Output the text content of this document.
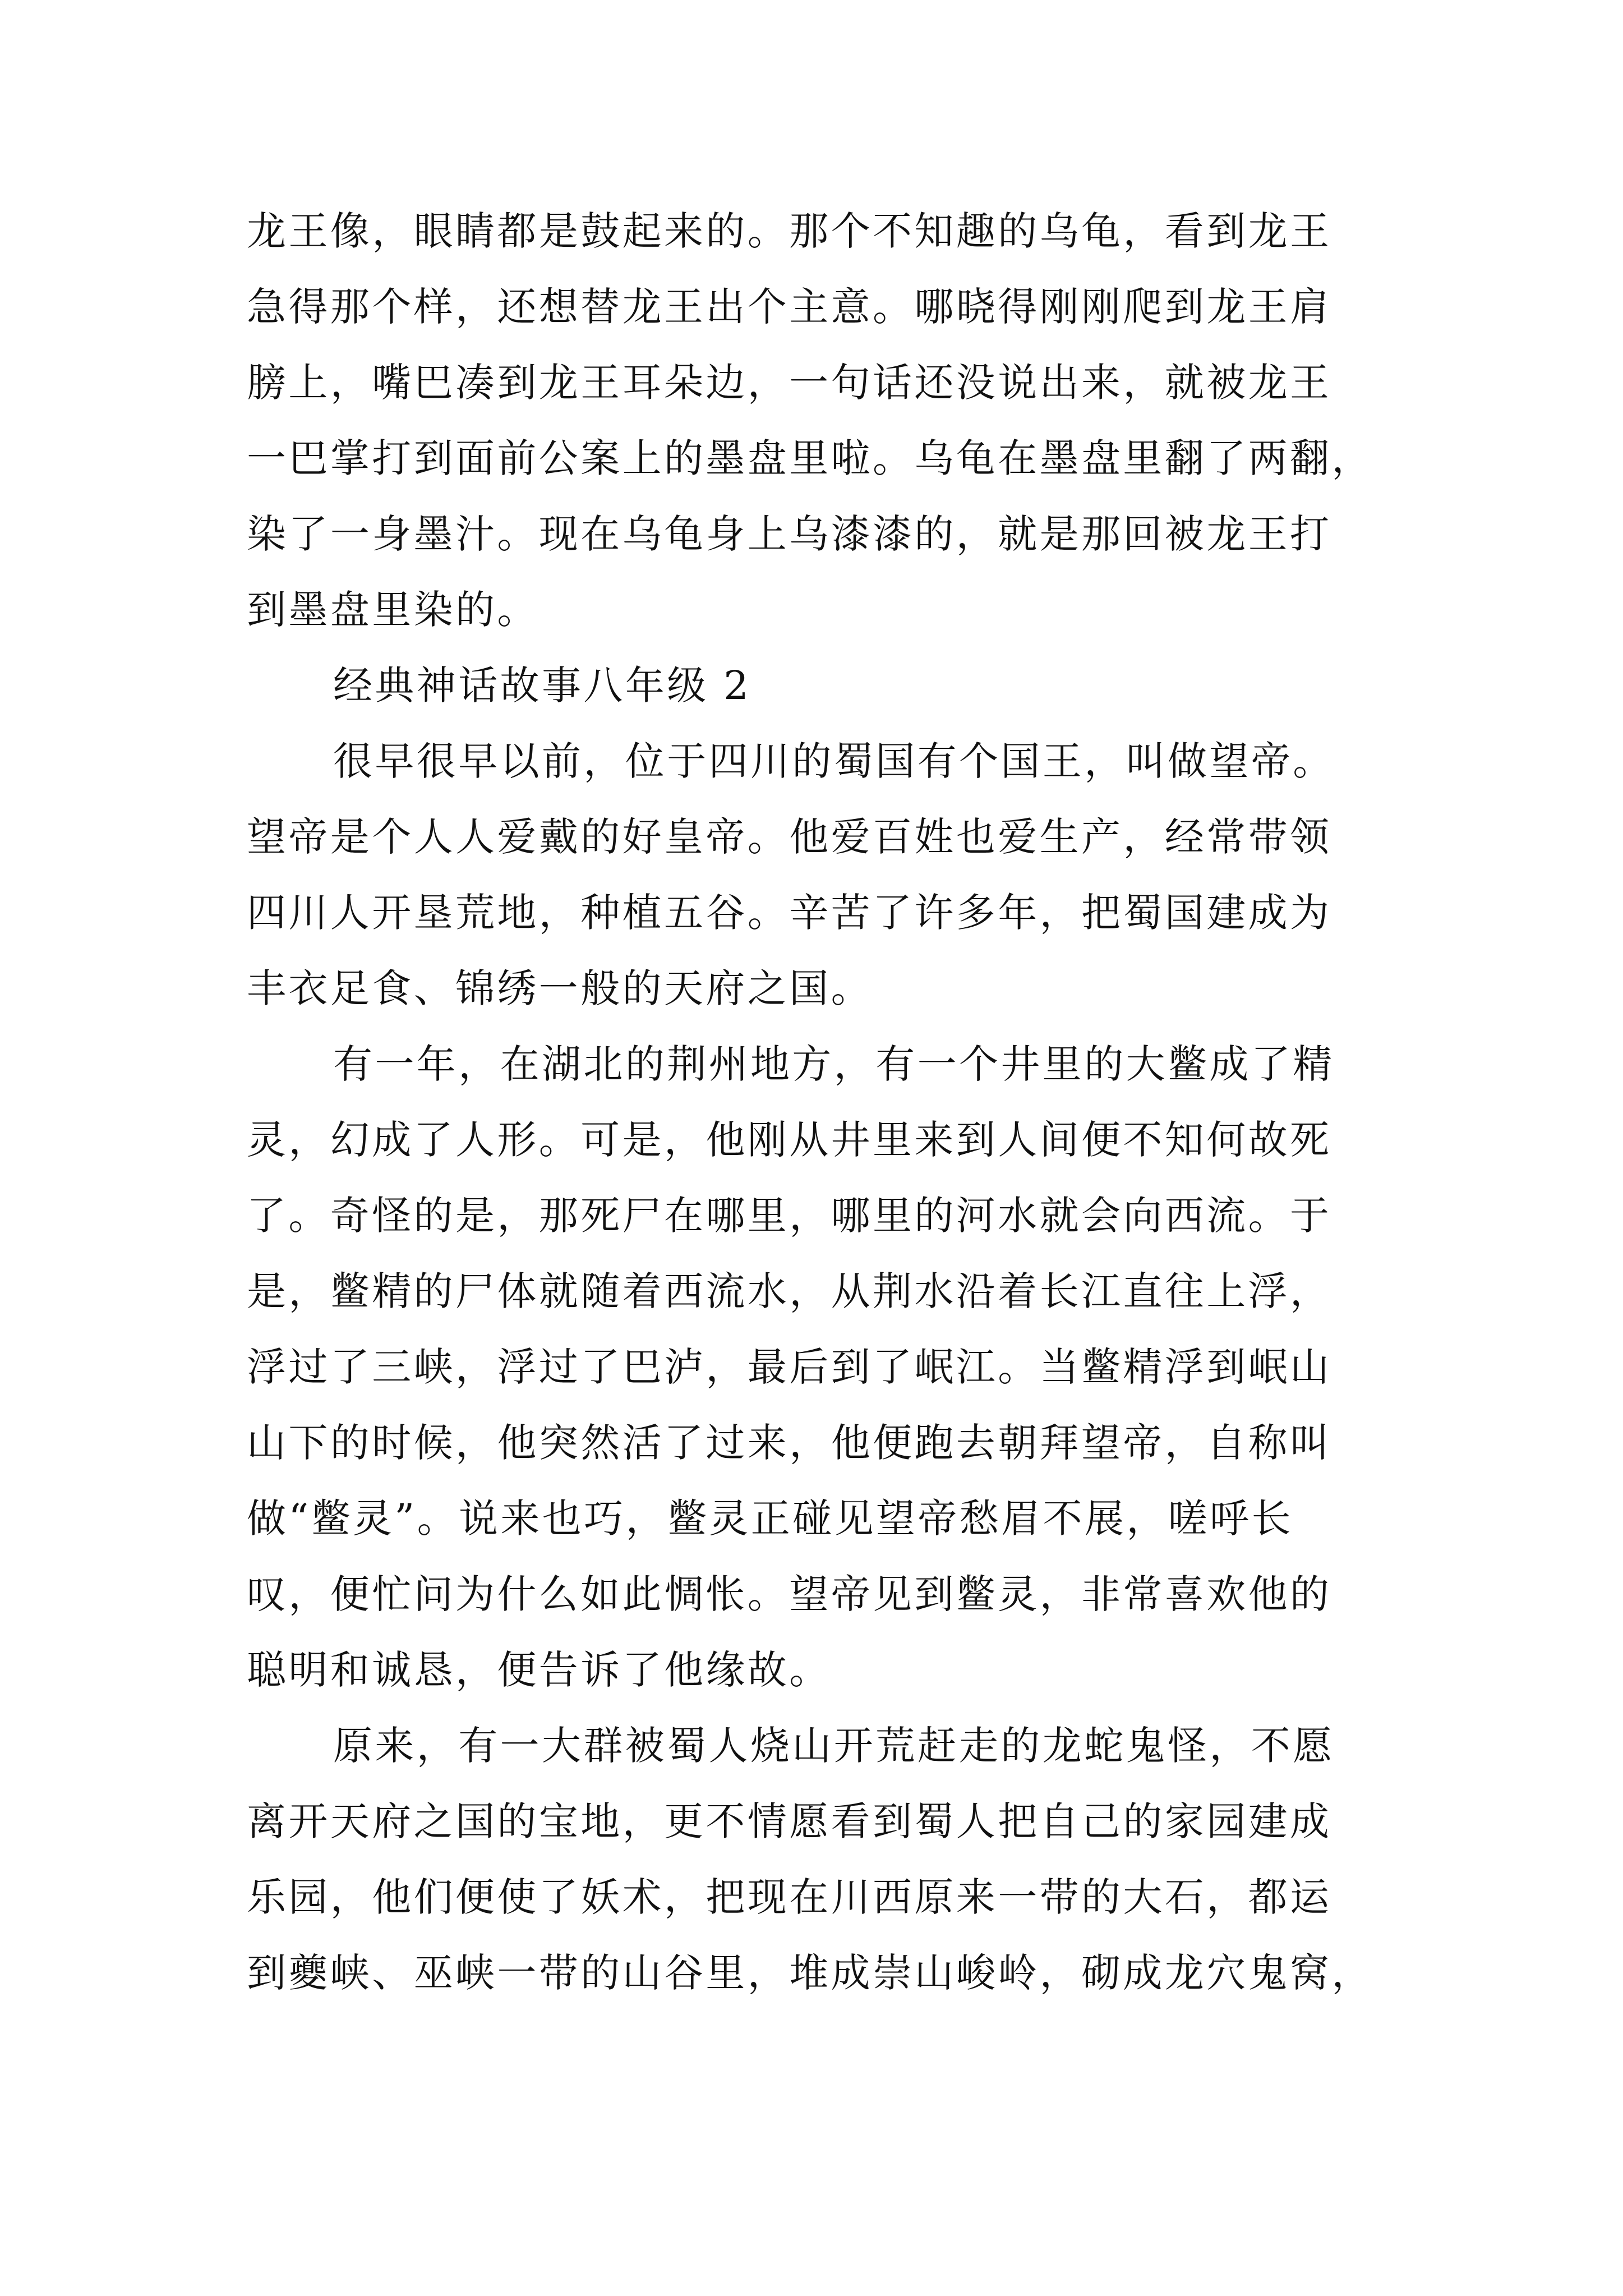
龙王像，眼睛都是鼓起来的。那个不知趣的乌龟，看到龙王
急得那个样，还想替龙王出个主意。哪晓得刚刚爬到龙王肩
膀上，嘴巴凑到龙王耳朵边，一句话还没说出来，就被龙王
一巴掌打到面前公案上的墨盘里啦。乌龟在墨盘里翻了两翻，
染了一身墨汁。现在乌龟身上乌漆漆的，就是那回被龙王打
到墨盘里染的。
经典神话故事八年级 2
很早很早以前，位于四川的蜀国有个国王，叫做望帝。
望帝是个人人爱戴的好皇帝。他爱百姓也爱生产，经常带领
四川人开垦荒地，种植五谷。辛苦了许多年，把蜀国建成为
丰衣足食、锦绣一般的天府之国。
有一年，在湖北的荆州地方，有一个井里的大鳖成了精
灵，幻成了人形。可是，他刚从井里来到人间便不知何故死
了。奇怪的是，那死尸在哪里，哪里的河水就会向西流。于
是，鳖精的尸体就随着西流水，从荆水沿着长江直往上浮，
浮过了三峡，浮过了巴泸，最后到了岷江。当鳖精浮到岷山
山下的时候，他突然活了过来，他便跑去朝拜望帝，自称叫
做“鳖灵”。说来也巧，鳖灵正碰见望帝愁眉不展，嗟呼长
叹，便忙问为什么如此惆怅。望帝见到鳖灵，非常喜欢他的
聪明和诚恳，便告诉了他缘故。
原来，有一大群被蜀人烧山开荒赶走的龙蛇鬼怪，不愿
离开天府之国的宝地，更不情愿看到蜀人把自己的家园建成
乐园，他们便使了妖术，把现在川西原来一带的大石，都运
到夔峡、巫峡一带的山谷里，堆成崇山峻岭，砌成龙穴鬼窝，
